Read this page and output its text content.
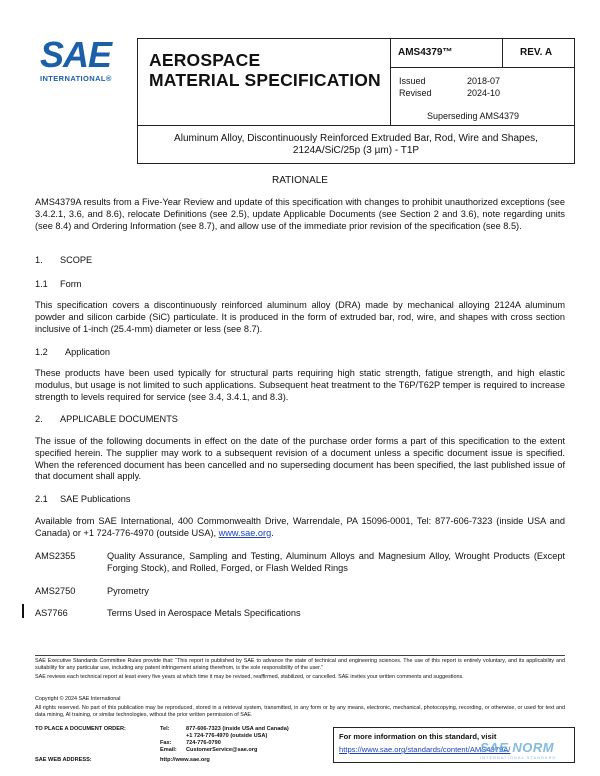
SAE
INTERNATIONAL®
AEROSPACE
MATERIAL SPECIFICATION
AMS4379™	REV. A
Issued	2018-07
Revised	2024-10
Superseding AMS4379
Aluminum Alloy, Discontinuously Reinforced Extruded Bar, Rod, Wire and Shapes,
2124A/SiC/25p (3 µm) - T1P
RATIONALE
AMS4379A results from a Five-Year Review and update of this specification with changes to prohibit unauthorized exceptions (see 3.4.2.1, 3.6, and 8.6), relocate Definitions (see 2.5), update Applicable Documents (see Section 2 and 3.6), note regarding units (see 8.4) and Ordering Information (see 8.7), and allow use of the immediate prior revision of the specification (see 8.5).
1. SCOPE
1.1 Form
This specification covers a discontinuously reinforced aluminum alloy (DRA) made by mechanical alloying 2124A aluminum powder and silicon carbide (SiC) particulate. It is produced in the form of extruded bar, rod, wire, and shapes with cross section inclusive of 1-inch (25.4-mm) diameter or less (see 8.7).
1.2 Application
These products have been used typically for structural parts requiring high static strength, fatigue strength, and high elastic modulus, but usage is not limited to such applications. Subsequent heat treatment to the T6P/T62P temper is required to increase strength to levels required for service (see 3.4, 3.4.1, and 8.3).
2. APPLICABLE DOCUMENTS
The issue of the following documents in effect on the date of the purchase order forms a part of this specification to the extent specified herein. The supplier may work to a subsequent revision of a document unless a specific document issue is specified. When the referenced document has been cancelled and no superseding document has been specified, the last published issue of that document shall apply.
2.1 SAE Publications
Available from SAE International, 400 Commonwealth Drive, Warrendale, PA 15096-0001, Tel: 877-606-7323 (inside USA and Canada) or +1 724-776-4970 (outside USA), www.sae.org.
AMS2355	Quality Assurance, Sampling and Testing, Aluminum Alloys and Magnesium Alloy, Wrought Products (Except Forging Stock), and Rolled, Forged, or Flash Welded Rings
AMS2750	Pyrometry
AS7766	Terms Used in Aerospace Metals Specifications
SAE Executive Standards Committee Rules provide that: “This report is published by SAE to advance the state of technical and engineering sciences. The use of this report is entirely voluntary, and its applicability and suitability for any particular use, including any patent infringement arising therefrom, is the sole responsibility of the user.”
SAE reviews each technical report at least every five years at which time it may be revised, reaffirmed, stabilized, or cancelled. SAE invites your written comments and suggestions.
Copyright © 2024 SAE International
All rights reserved. No part of this publication may be reproduced, stored in a retrieval system, transmitted, in any form or by any means, electronic, mechanical, photocopying, recording, or otherwise, or used for text and data mining, AI training, or similar technologies, without the prior written permission of SAE.
TO PLACE A DOCUMENT ORDER:	Tel:	877-606-7323 (inside USA and Canada)
+1 724-776-4970 (outside USA)
Fax:	724-776-0790
Email: CustomerService@sae.org
SAE WEB ADDRESS:	http://www.sae.org
For more information on this standard, visit
https://www.sae.org/standards/content/AMS4379A/
SAE NORM
INTERNATIONAL STANDARD
